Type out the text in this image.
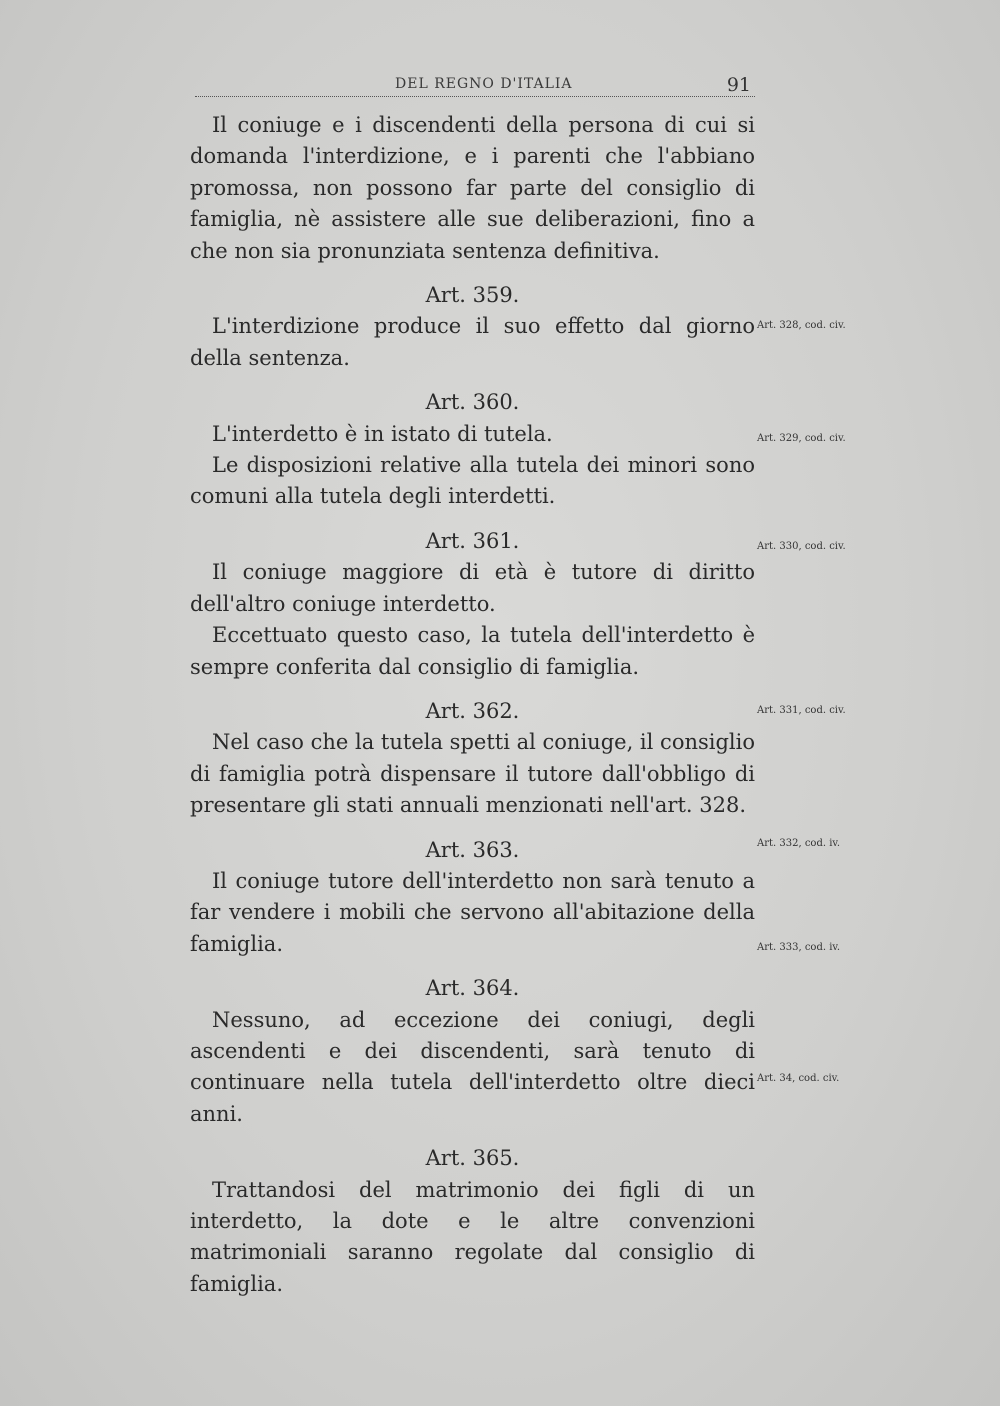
DEL REGNO D'ITALIA	91

Il coniuge e i discendenti della persona di cui si domanda l'interdizione, e i parenti che l'abbiano promossa, non possono far parte del consiglio di famiglia, nè assistere alle sue deliberazioni, fino a che non sia pronunziata sentenza definitiva.

Art. 359.

L'interdizione produce il suo effetto dal giorno della sentenza.

Art. 360.

L'interdetto è in istato di tutela.

Le disposizioni relative alla tutela dei minori sono comuni alla tutela degli interdetti.

Art. 361.

Il coniuge maggiore di età è tutore di diritto dell'altro coniuge interdetto.

Eccettuato questo caso, la tutela dell'interdetto è sempre conferita dal consiglio di famiglia.

Art. 362.

Nel caso che la tutela spetti al coniuge, il consiglio di famiglia potrà dispensare il tutore dall'obbligo di presentare gli stati annuali menzionati nell'art. 328.

Art. 363.

Il coniuge tutore dell'interdetto non sarà tenuto a far vendere i mobili che servono all'abitazione della famiglia.

Art. 364.

Nessuno, ad eccezione dei coniugi, degli ascendenti e dei discendenti, sarà tenuto di continuare nella tutela dell'interdetto oltre dieci anni.

Art. 365.

Trattandosi del matrimonio dei figli di un interdetto, la dote e le altre convenzioni matrimoniali saranno regolate dal consiglio di famiglia.

Art. 328, cod. civ.
Art. 329, cod. civ.
Art. 330, cod. civ.
Art. 331, cod. civ.
Art. 332, cod. iv.
Art. 333, cod. iv.
Art. 34, cod. civ.
